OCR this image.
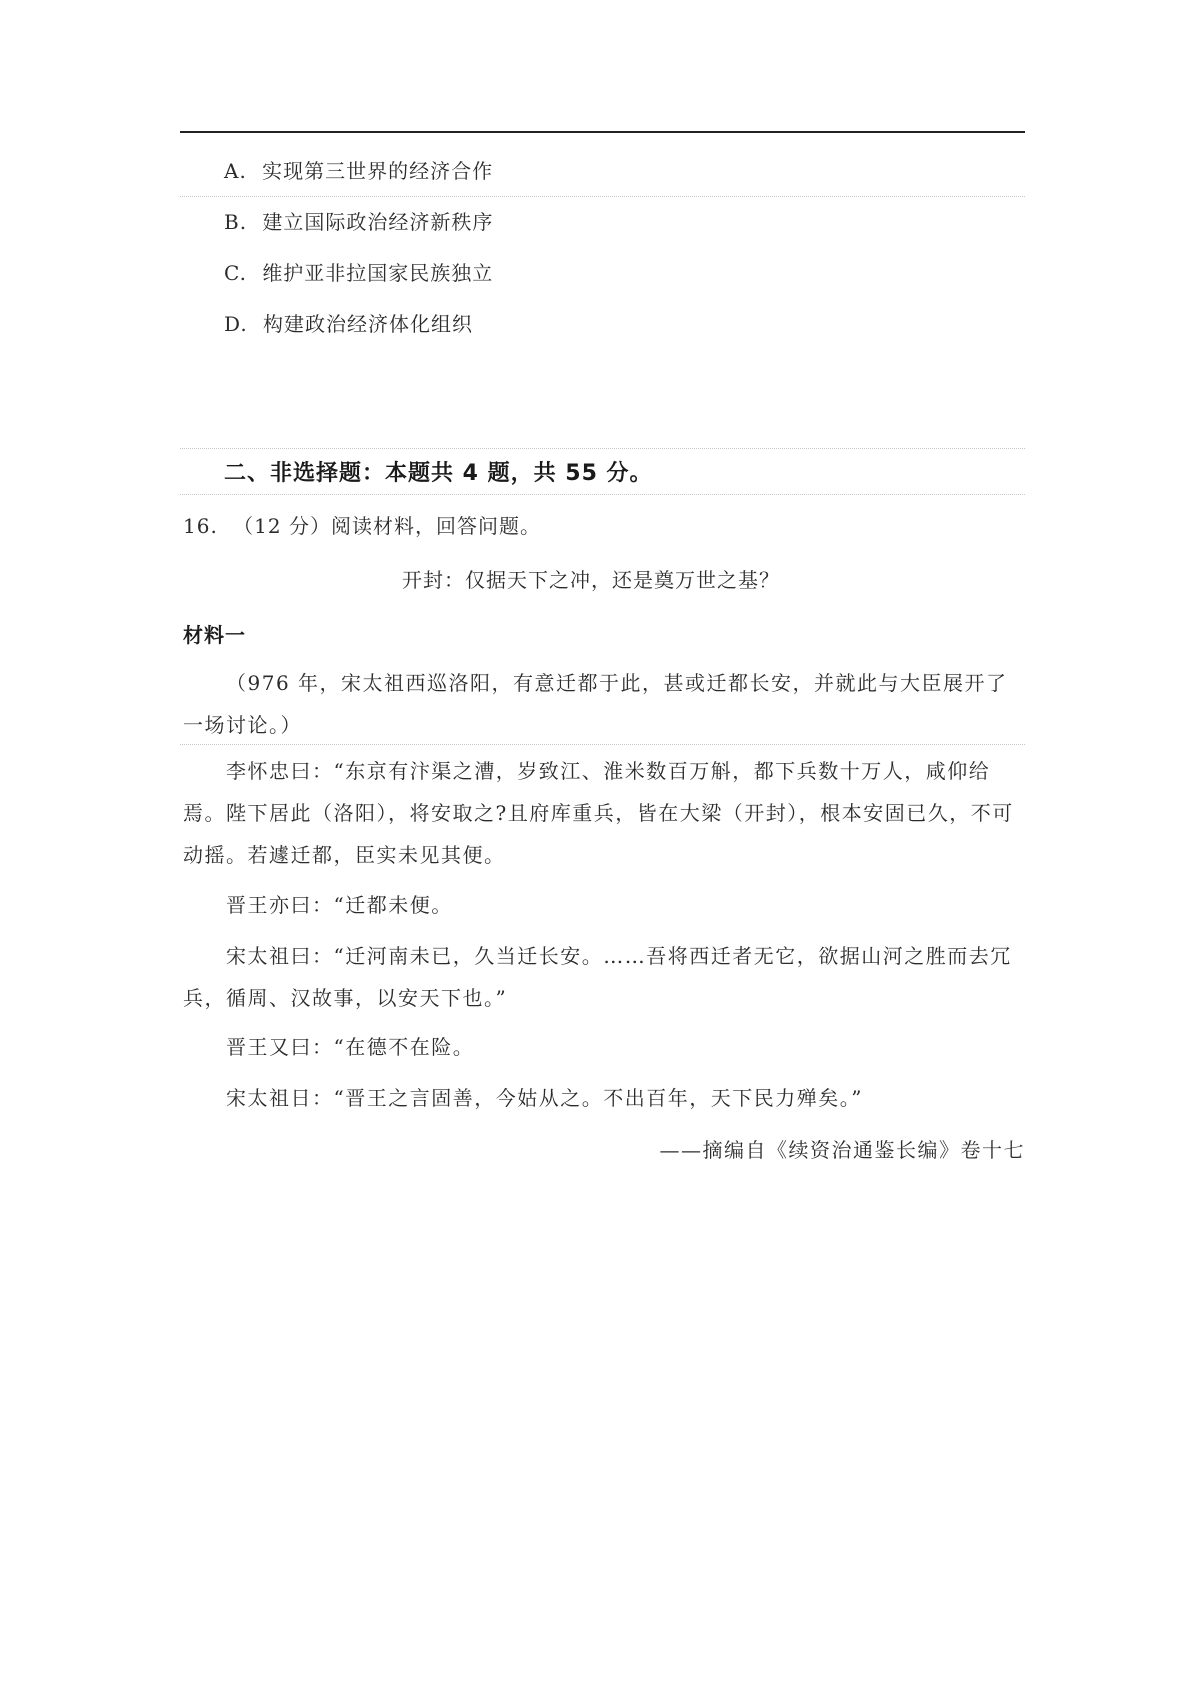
A. 实现第三世界的经济合作
B. 建立国际政治经济新秩序
C. 维护亚非拉国家民族独立
D. 构建政治经济体化组织
二、非选择题：本题共 4 题，共 55 分。
16. （12 分）阅读材料，回答问题。
开封：仅据天下之冲，还是奠万世之基？
材料一
（976 年，宋太祖西巡洛阳，有意迁都于此，甚或迁都长安，并就此与大臣展开了一场讨论。）
李怀忠曰：“东京有汴渠之漕，岁致江、淮米数百万斛，都下兵数十万人，咸仰给焉。陛下居此（洛阳），将安取之?且府库重兵，皆在大梁（开封），根本安固已久，不可动摇。若遽迁都，臣实未见其便。
晋王亦曰：“迁都未便。
宋太祖曰：“迁河南未已，久当迁长安。……吾将西迁者无它，欲据山河之胜而去冗兵，循周、汉故事，以安天下也。”
晋王又曰：“在德不在险。
宋太祖日：“晋王之言固善，今姑从之。不出百年，天下民力殚矣。”
——摘编自《续资治通鉴长编》卷十七
